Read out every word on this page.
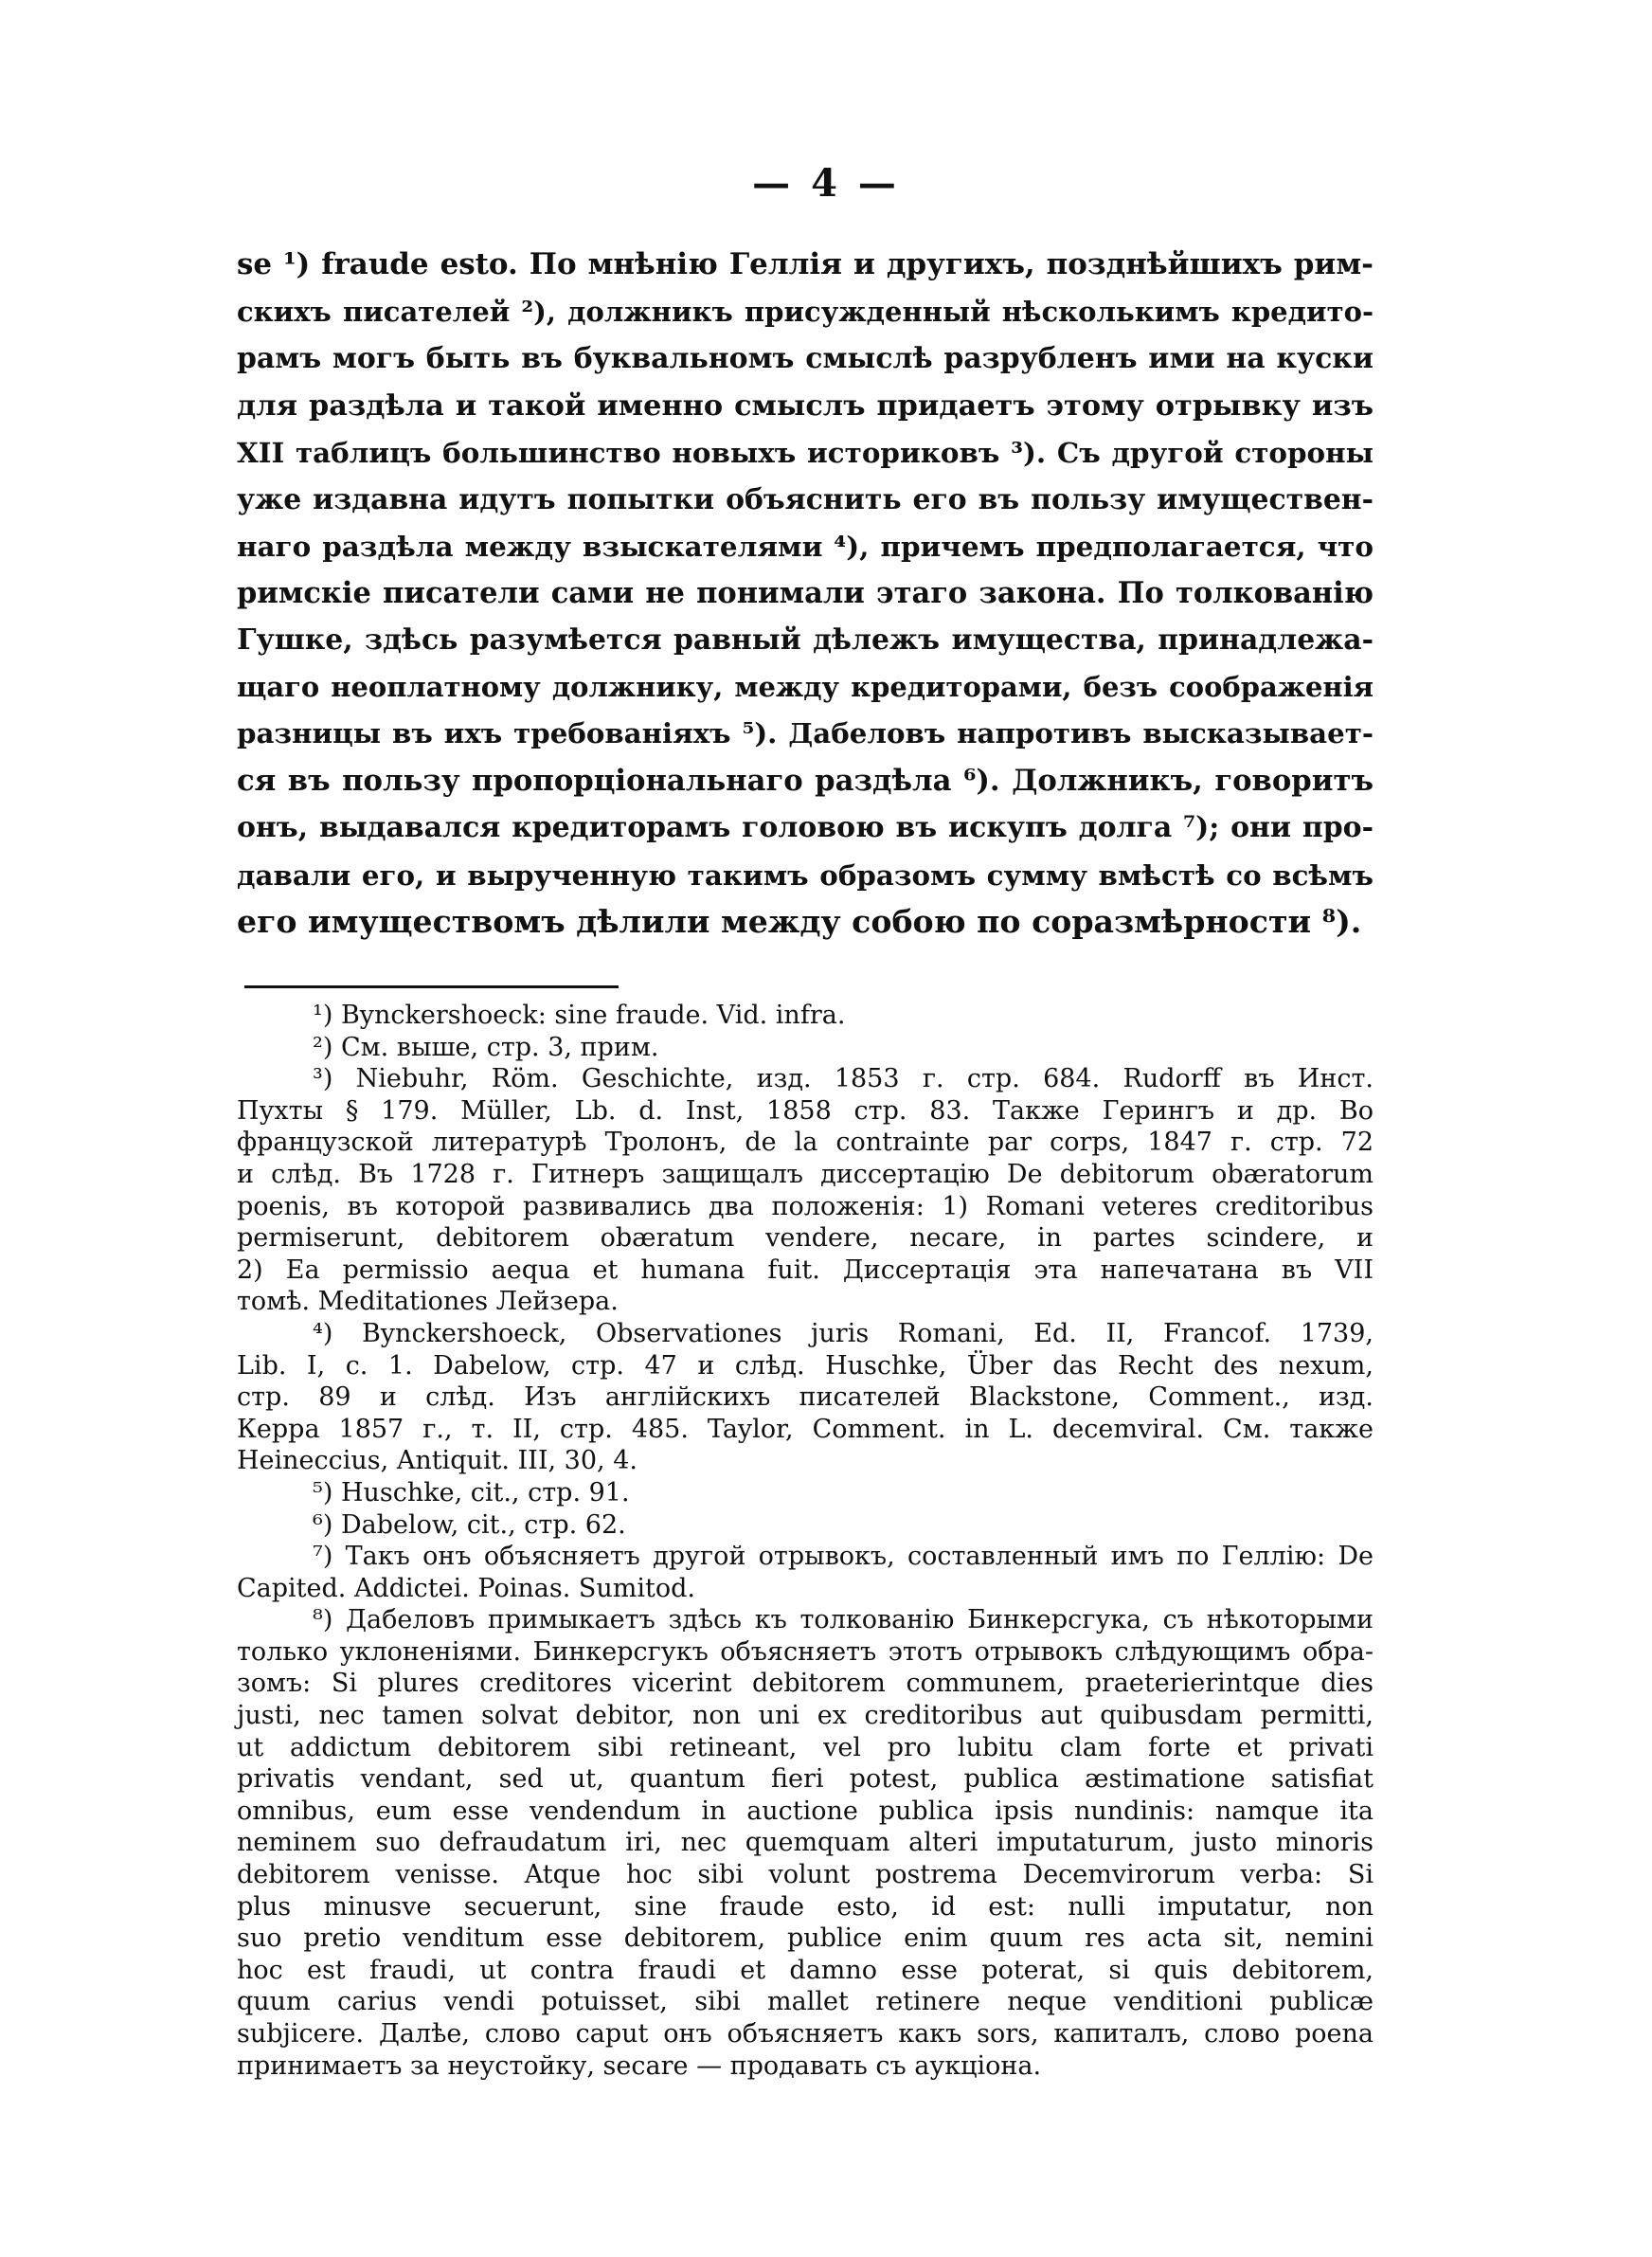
— 4 —
se ¹) fraude esto. По мнѣнію Геллія и другихъ, позднѣйшихъ рим-
скихъ писателей ²), должникъ присужденный нѣсколькимъ кредито-
рамъ могъ быть въ буквальномъ смыслѣ разрубленъ ими на куски
для раздѣла и такой именно смыслъ придаетъ этому отрывку изъ
XII таблицъ большинство новыхъ историковъ ³). Съ другой стороны
уже издавна идутъ попытки объяснить его въ пользу имуществен-
наго раздѣла между взыскателями ⁴), причемъ предполагается, что
римскіе писатели сами не понимали этаго закона. По толкованію
Гушке, здѣсь разумѣется равный дѣлежъ имущества, принадлежа-
щаго неоплатному должнику, между кредиторами, безъ соображенія
разницы въ ихъ требованіяхъ ⁵). Дабеловъ напротивъ высказывает-
ся въ пользу пропорціональнаго раздѣла ⁶). Должникъ, говоритъ
онъ, выдавался кредиторамъ головою въ искупъ долга ⁷); они про-
давали его, и вырученную такимъ образомъ сумму вмѣстѣ со всѣмъ
его имуществомъ дѣлили между собою по соразмѣрности ⁸).
¹) Bynckershoeck: sine fraude. Vid. infra.
²) См. выше, стр. 3, прим.
³) Niebuhr, Röm. Geschichte, изд. 1853 г. стр. 684. Rudorff въ Инст.
Пухты § 179. Müller, Lb. d. Inst, 1858 стр. 83. Также Герингъ и др. Во
французской литературѣ Тролонъ, de la contrainte par corps, 1847 г. стр. 72
и слѣд. Въ 1728 г. Гитнеръ защищалъ диссертацію De debitorum obæratorum
poenis, въ которой развивались два положенія: 1) Romani veteres creditoribus
permiserunt, debitorem obæratum vendere, necare, in partes scindere, и
2) Ea permissio aequa et humana fuit. Диссертація эта напечатана въ VII
томѣ. Meditationes Лейзера.
⁴) Bynckershoeck, Observationes juris Romani, Ed. II, Francof. 1739,
Lib. I, c. 1. Dabelow, стр. 47 и слѣд. Huschke, Über das Recht des nexum,
стр. 89 и слѣд. Изъ англійскихъ писателей Blackstone, Comment., изд.
Керра 1857 г., т. II, стр. 485. Taylor, Comment. in L. decemviral. См. также
Heineccius, Antiquit. III, 30, 4.
⁵) Huschke, cit., стр. 91.
⁶) Dabelow, cit., стр. 62.
⁷) Такъ онъ объясняетъ другой отрывокъ, составленный имъ по Геллію: De
Capited. Addictei. Poinas. Sumitod.
⁸) Дабеловъ примыкаетъ здѣсь къ толкованію Бинкерсгука, съ нѣкоторыми
только уклоненіями. Бинкерсгукъ объясняетъ этотъ отрывокъ слѣдующимъ обра-
зомъ: Si plures creditores vicerint debitorem communem, praeterierintque dies
justi, nec tamen solvat debitor, non uni ex creditoribus aut quibusdam permitti,
ut addictum debitorem sibi retineant, vel pro lubitu clam forte et privati
privatis vendant, sed ut, quantum fieri potest, publica æstimatione satisfiat
omnibus, eum esse vendendum in auctione publica ipsis nundinis: namque ita
neminem suo defraudatum iri, nec quemquam alteri imputaturum, justo minoris
debitorem venisse. Atque hoc sibi volunt postrema Decemvirorum verba: Si
plus minusve secuerunt, sine fraude esto, id est: nulli imputatur, non
suo pretio venditum esse debitorem, publice enim quum res acta sit, nemini
hoc est fraudi, ut contra fraudi et damno esse poterat, si quis debitorem,
quum carius vendi potuisset, sibi mallet retinere neque venditioni publicæ
subjicere. Далѣе, слово caput онъ объясняетъ какъ sors, капиталъ, слово poena
принимаетъ за неустойку, secare — продавать съ аукціона.
